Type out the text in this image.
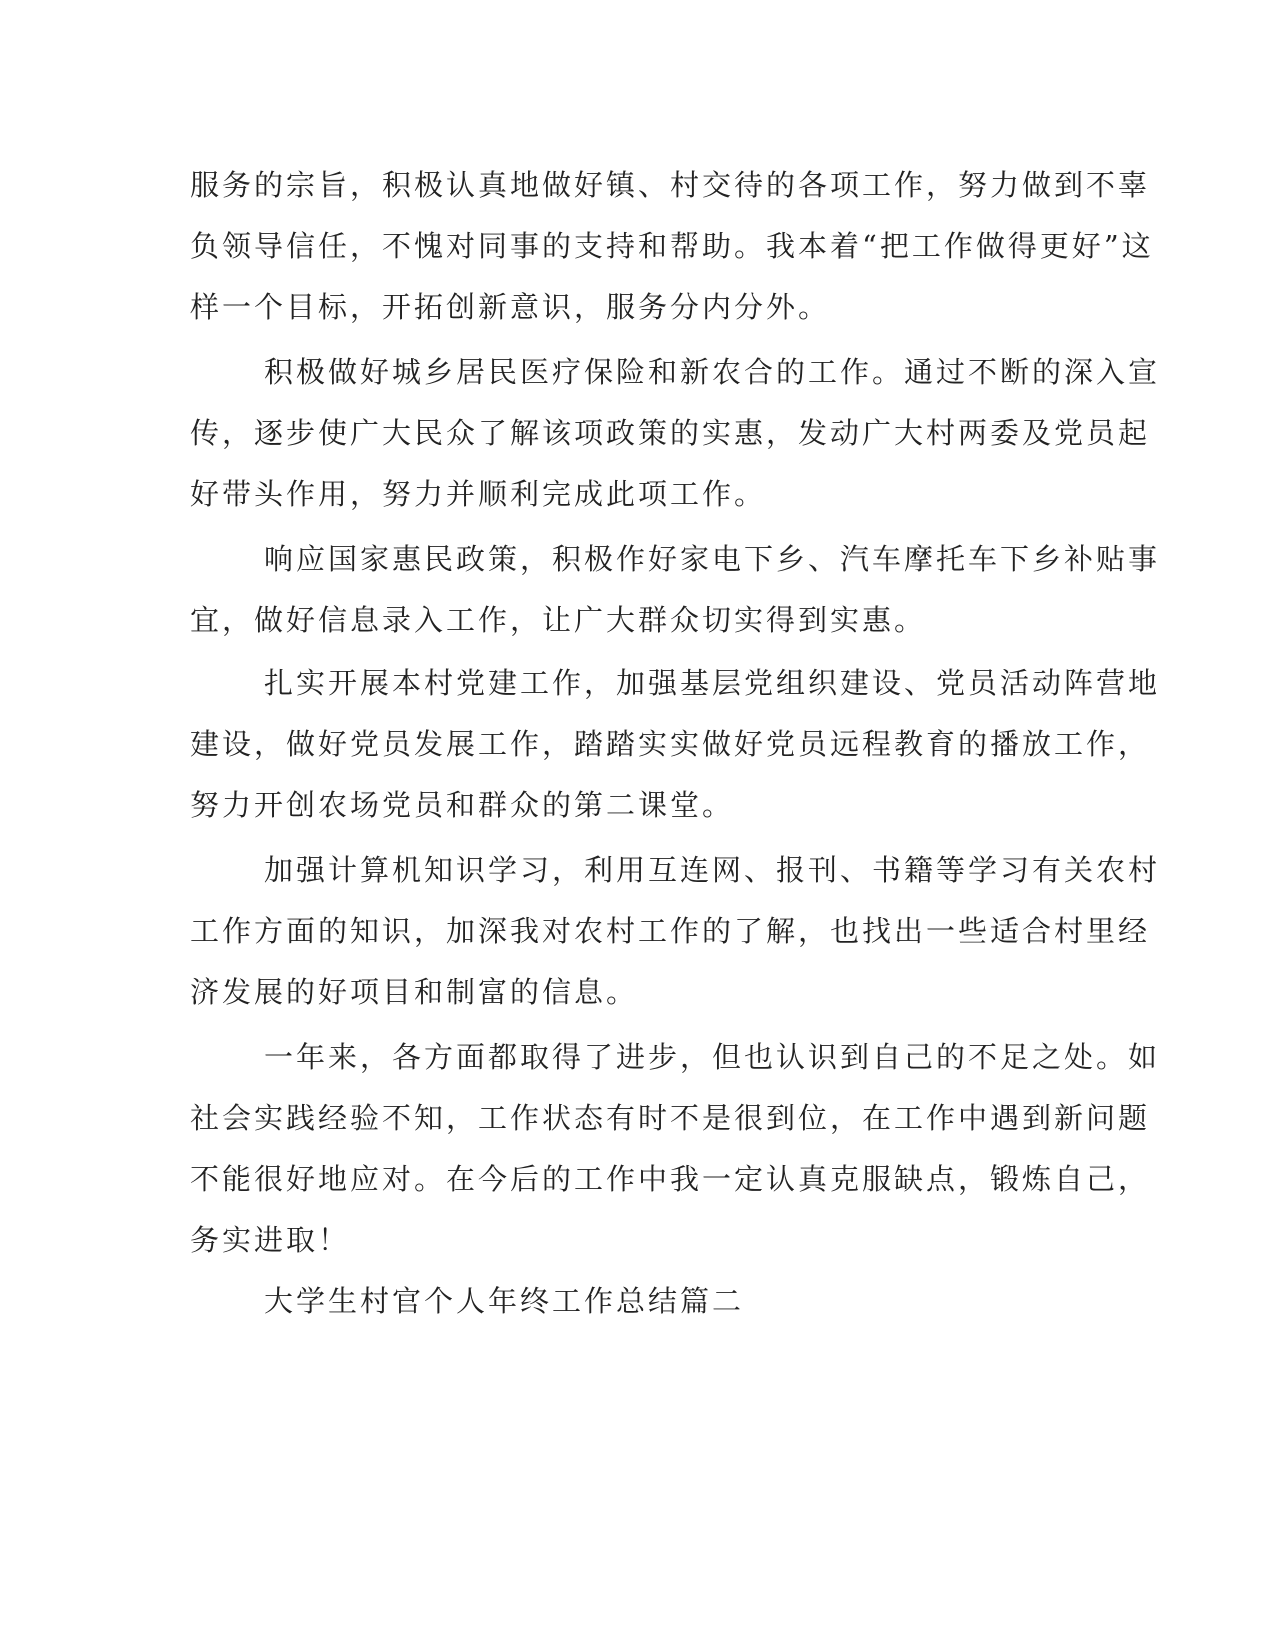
服务的宗旨，积极认真地做好镇、村交待的各项工作，努力做到不辜
负领导信任，不愧对同事的支持和帮助。我本着“把工作做得更好”这
样一个目标，开拓创新意识，服务分内分外。
积极做好城乡居民医疗保险和新农合的工作。通过不断的深入宣
传，逐步使广大民众了解该项政策的实惠，发动广大村两委及党员起
好带头作用，努力并顺利完成此项工作。
响应国家惠民政策，积极作好家电下乡、汽车摩托车下乡补贴事
宜，做好信息录入工作，让广大群众切实得到实惠。
扎实开展本村党建工作，加强基层党组织建设、党员活动阵营地
建设，做好党员发展工作，踏踏实实做好党员远程教育的播放工作，
努力开创农场党员和群众的第二课堂。
加强计算机知识学习，利用互连网、报刊、书籍等学习有关农村
工作方面的知识，加深我对农村工作的了解，也找出一些适合村里经
济发展的好项目和制富的信息。
一年来，各方面都取得了进步，但也认识到自己的不足之处。如
社会实践经验不知，工作状态有时不是很到位，在工作中遇到新问题
不能很好地应对。在今后的工作中我一定认真克服缺点，锻炼自己，
务实进取！
大学生村官个人年终工作总结篇二
